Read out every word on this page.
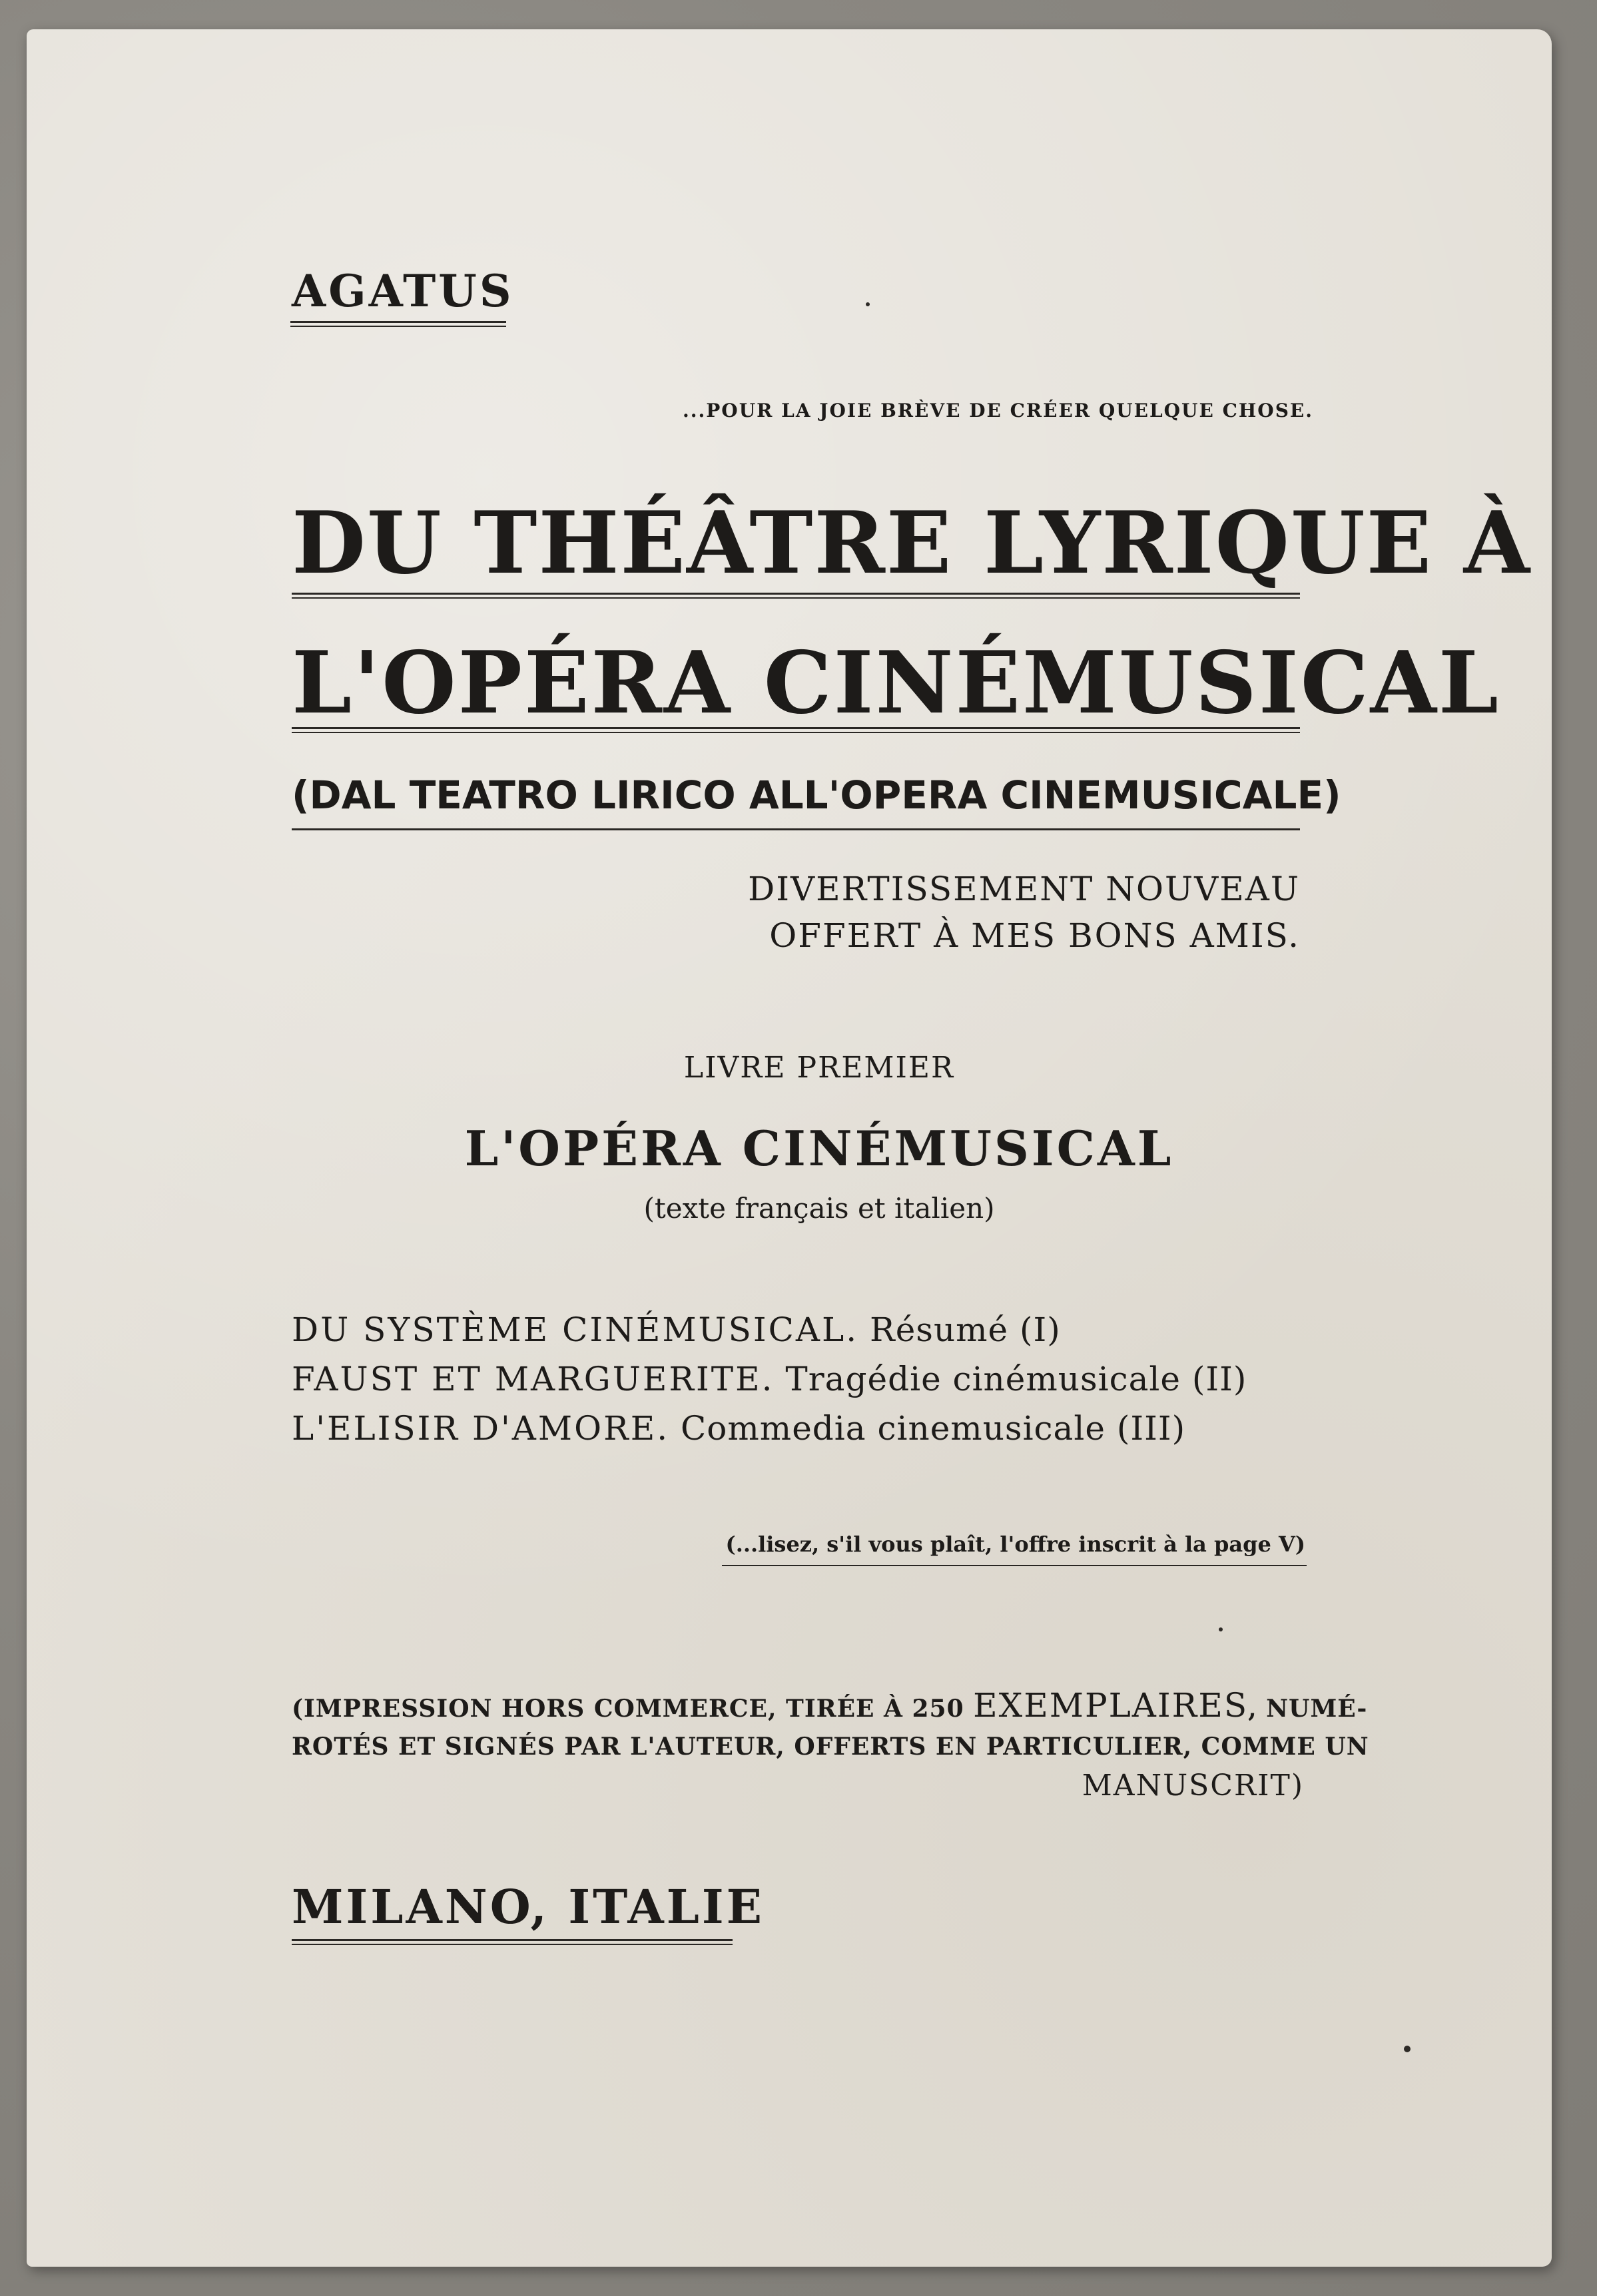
AGATUS
...POUR LA JOIE BRÈVE DE CRÉER QUELQUE CHOSE.
DU THÉÂTRE LYRIQUE À
L'OPÉRA CINÉMUSICAL
(DAL TEATRO LIRICO ALL'OPERA CINEMUSICALE)
DIVERTISSEMENT NOUVEAU
OFFERT À MES BONS AMIS.
LIVRE PREMIER
L'OPÉRA CINÉMUSICAL
(texte français et italien)
DU SYSTÈME CINÉMUSICAL. Résumé (I)
FAUST ET MARGUERITE. Tragédie cinémusicale (II)
L'ELISIR D'AMORE. Commedia cinemusicale (III)
(...lisez, s'il vous plaît, l'offre inscrit à la page V)
(IMPRESSION HORS COMMERCE, TIRÉE À 250 EXEMPLAIRES, NUMÉ-
ROTÉS ET SIGNÉS PAR L'AUTEUR, OFFERTS EN PARTICULIER, COMME UN
MANUSCRIT)
MILANO, ITALIE
